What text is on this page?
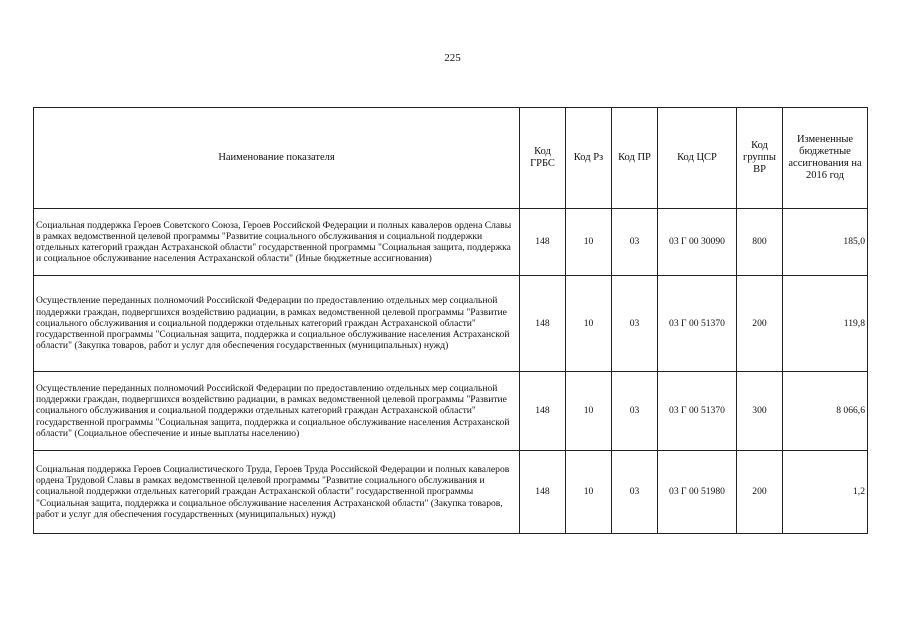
225
Наименование показателя	Код ГРБС	Код Рз	Код ПР	Код ЦСР	Код группы ВР	Измененные бюджетные ассигнования на 2016 год
Социальная поддержка Героев Советского Союза, Героев Российской Федерации и полных кавалеров ордена Славы в рамках ведомственной целевой программы "Развитие социального обслуживания и социальной поддержки отдельных категорий граждан Астраханской области" государственной программы "Социальная защита, поддержка и социальное обслуживание населения Астраханской области" (Иные бюджетные ассигнования)	148	10	03	03 Г 00 30090	800	185,0
Осуществление переданных полномочий Российской Федерации по предоставлению отдельных мер социальной поддержки граждан, подвергшихся воздействию радиации, в рамках ведомственной целевой программы "Развитие социального обслуживания и социальной поддержки отдельных категорий граждан Астраханской области" государственной программы "Социальная защита, поддержка и социальное обслуживание населения Астраханской области" (Закупка товаров, работ и услуг для обеспечения государственных (муниципальных) нужд)	148	10	03	03 Г 00 51370	200	119,8
Осуществление переданных полномочий Российской Федерации по предоставлению отдельных мер социальной поддержки граждан, подвергшихся воздействию радиации, в рамках ведомственной целевой программы "Развитие социального обслуживания и социальной поддержки отдельных категорий граждан Астраханской области" государственной программы "Социальная защита, поддержка и социальное обслуживание населения Астраханской области" (Социальное обеспечение и иные выплаты населению)	148	10	03	03 Г 00 51370	300	8 066,6
Социальная поддержка Героев Социалистического Труда, Героев Труда Российской Федерации и полных кавалеров ордена Трудовой Славы в рамках ведомственной целевой программы "Развитие социального обслуживания и социальной поддержки отдельных категорий граждан Астраханской области" государственной программы "Социальная защита, поддержка и социальное обслуживание населения Астраханской области" (Закупка товаров, работ и услуг для обеспечения государственных (муниципальных) нужд)	148	10	03	03 Г 00 51980	200	1,2
